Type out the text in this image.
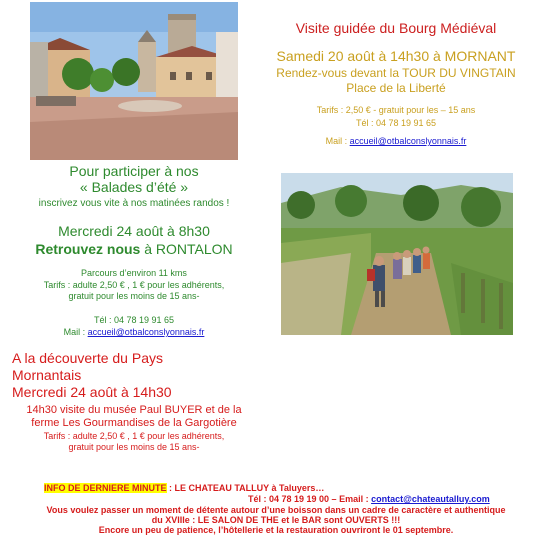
Visite guidée du Bourg Médiéval
Samedi 20 août à 14h30 à MORNANT
Rendez-vous devant la TOUR DU VINGTAIN
Place de la Liberté
Tarifs : 2,50 € - gratuit pour les – 15 ans
Tél : 04 78 19 91 65
Mail : accueil@otbalconslyonnais.fr
Pour participer à nos
« Balades d’été »
inscrivez vous vite à nos matinées randos !
Mercredi 24 août à 8h30
Retrouvez nous à RONTALON
Parcours d’environ 11 kms
Tarifs : adulte 2,50 € , 1 € pour les adhérents,
gratuit pour les moins de 15 ans-
Tél : 04 78 19 91 65
Mail : accueil@otbalconslyonnais.fr
A la découverte du Pays
Mornantais
Mercredi 24 août à 14h30
14h30 visite du musée Paul BUYER et de la
ferme Les Gourmandises de la Gargotière
Tarifs : adulte 2,50 € , 1 € pour les adhérents,
gratuit pour les moins de 15 ans-
INFO DE DERNIERE MINUTE : LE CHATEAU TALLUY à Taluyers…
Tél : 04 78 19 19 00 – Email : contact@chateautalluy.com
Vous voulez passer un moment de détente autour d’une boisson dans un cadre de caractère et authentique
du XVIIIe : LE SALON DE THE et le BAR sont OUVERTS !!!
Encore un peu de patience, l’hôtellerie et la restauration ouvriront le 01 septembre.
